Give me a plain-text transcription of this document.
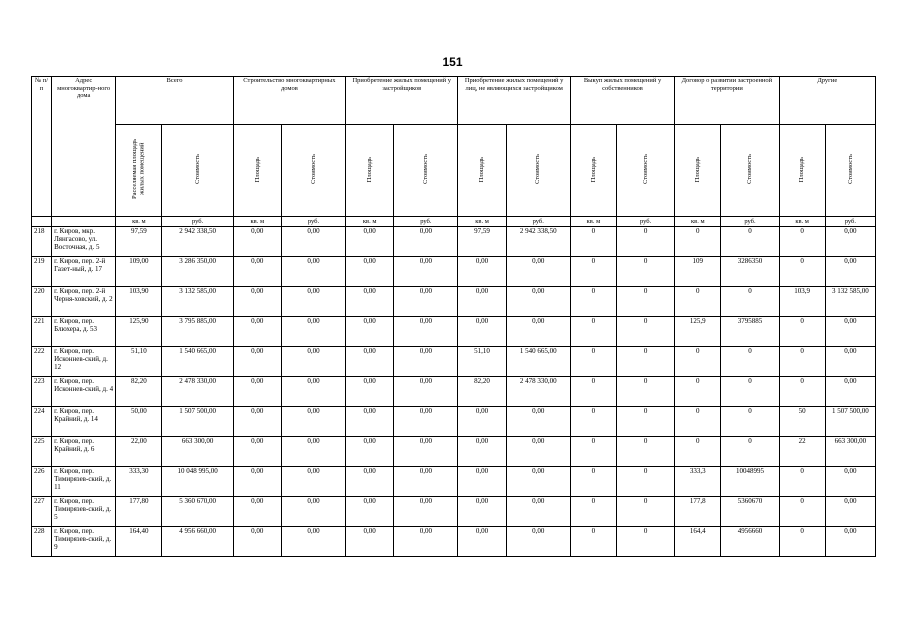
151
№ п/п	Адрес многоквартир-ного дома	Всего		Строительство многоквартирных домов		Приобретение жилых помещений у застройщиков		Приобретение жилых помещений у лиц, не являющихся застройщиком		Выкуп жилых помещений у собственников		Договор о развитии застроенной территории		Другие	
		Расселяемая площадь жилых помещений	Стоимость	Площадь	Стоимость	Площадь	Стоимость	Площадь	Стоимость	Площадь	Стоимость	Площадь	Стоимость	Площадь	Стоимость
		кв. м	руб.	кв. м	руб.	кв. м	руб.	кв. м	руб.	кв. м	руб.	кв. м	руб.	кв. м	руб.
218	г. Киров, мкр. Лянгасово, ул. Восточная, д. 5	97,59	2 942 338,50	0,00	0,00	0,00	0,00	97,59	2 942 338,50	0	0	0	0	0	0,00
219	г. Киров, пер. 2-й Газет-ный, д. 17	109,00	3 286 350,00	0,00	0,00	0,00	0,00	0,00	0,00	0	0	109	3286350	0	0,00
220	г. Киров, пер. 2-й Черня-ховский, д. 2	103,90	3 132 585,00	0,00	0,00	0,00	0,00	0,00	0,00	0	0	0	0	103,9	3 132 585,00
221	г. Киров, пер. Блюхера, д. 53	125,90	3 795 885,00	0,00	0,00	0,00	0,00	0,00	0,00	0	0	125,9	3795885	0	0,00
222	г. Киров, пер. Исконнев-ский, д. 12	51,10	1 540 665,00	0,00	0,00	0,00	0,00	51,10	1 540 665,00	0	0	0	0	0	0,00
223	г. Киров, пер. Исконнев-ский, д. 4	82,20	2 478 330,00	0,00	0,00	0,00	0,00	82,20	2 478 330,00	0	0	0	0	0	0,00
224	г. Киров, пер. Крайний, д. 14	50,00	1 507 500,00	0,00	0,00	0,00	0,00	0,00	0,00	0	0	0	0	50	1 507 500,00
225	г. Киров, пер. Крайний, д. 6	22,00	663 300,00	0,00	0,00	0,00	0,00	0,00	0,00	0	0	0	0	22	663 300,00
226	г. Киров, пер. Тимирязев-ский, д. 11	333,30	10 048 995,00	0,00	0,00	0,00	0,00	0,00	0,00	0	0	333,3	10048995	0	0,00
227	г. Киров, пер. Тимирязев-ский, д. 5	177,80	5 360 670,00	0,00	0,00	0,00	0,00	0,00	0,00	0	0	177,8	5360670	0	0,00
228	г. Киров, пер. Тимирязев-ский, д. 9	164,40	4 956 660,00	0,00	0,00	0,00	0,00	0,00	0,00	0	0	164,4	4956660	0	0,00
